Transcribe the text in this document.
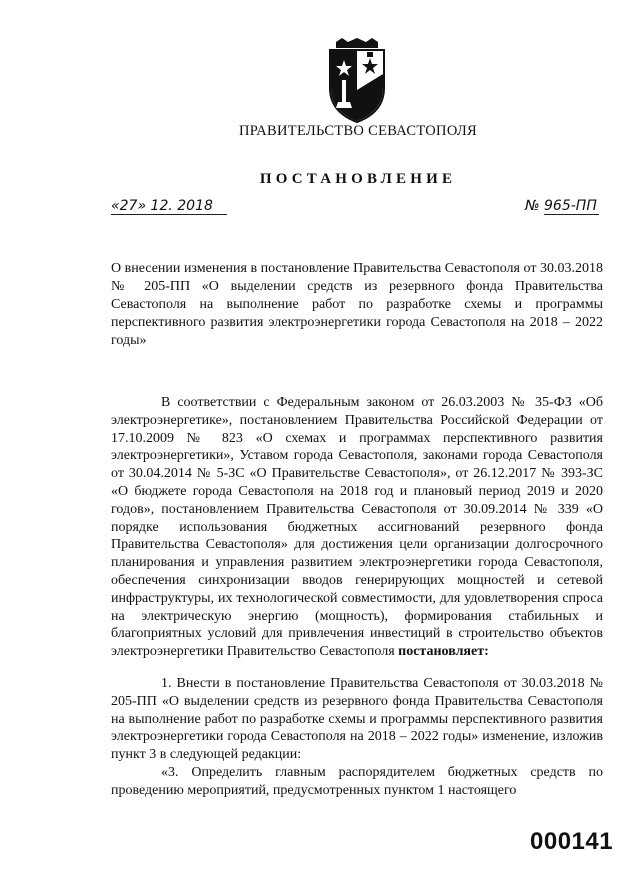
ПРАВИТЕЛЬСТВО СЕВАСТОПОЛЯ
ПОСТАНОВЛЕНИЕ
«27» 12. 2018	№ 965-ПП
О внесении изменения в постановление Правительства Севастополя от 30.03.2018 № 205-ПП «О выделении средств из резервного фонда Правительства Севастополя на выполнение работ по разработке схемы и программы перспективного развития электроэнергетики города Севастополя на 2018 – 2022 годы»

В соответствии с Федеральным законом от 26.03.2003 № 35-ФЗ «Об электроэнергетике», постановлением Правительства Российской Федерации от 17.10.2009 № 823 «О схемах и программах перспективного развития электроэнергетики», Уставом города Севастополя, законами города Севастополя от 30.04.2014 № 5-ЗС «О Правительстве Севастополя», от 26.12.2017 № 393-ЗС «О бюджете города Севастополя на 2018 год и плановый период 2019 и 2020 годов», постановлением Правительства Севастополя от 30.09.2014 № 339 «О порядке использования бюджетных ассигнований резервного фонда Правительства Севастополя» для достижения цели организации долгосрочного планирования и управления развитием электроэнергетики города Севастополя, обеспечения синхронизации вводов генерирующих мощностей и сетевой инфраструктуры, их технологической совместимости, для удовлетворения спроса на электрическую энергию (мощность), формирования стабильных и благоприятных условий для привлечения инвестиций в строительство объектов электроэнергетики Правительство Севастополя постановляет:

1. Внести в постановление Правительства Севастополя от 30.03.2018 № 205-ПП «О выделении средств из резервного фонда Правительства Севастополя на выполнение работ по разработке схемы и программы перспективного развития электроэнергетики города Севастополя на 2018 – 2022 годы» изменение, изложив пункт 3 в следующей редакции:

«3. Определить главным распорядителем бюджетных средств по проведению мероприятий, предусмотренных пунктом 1 настоящего

000141
